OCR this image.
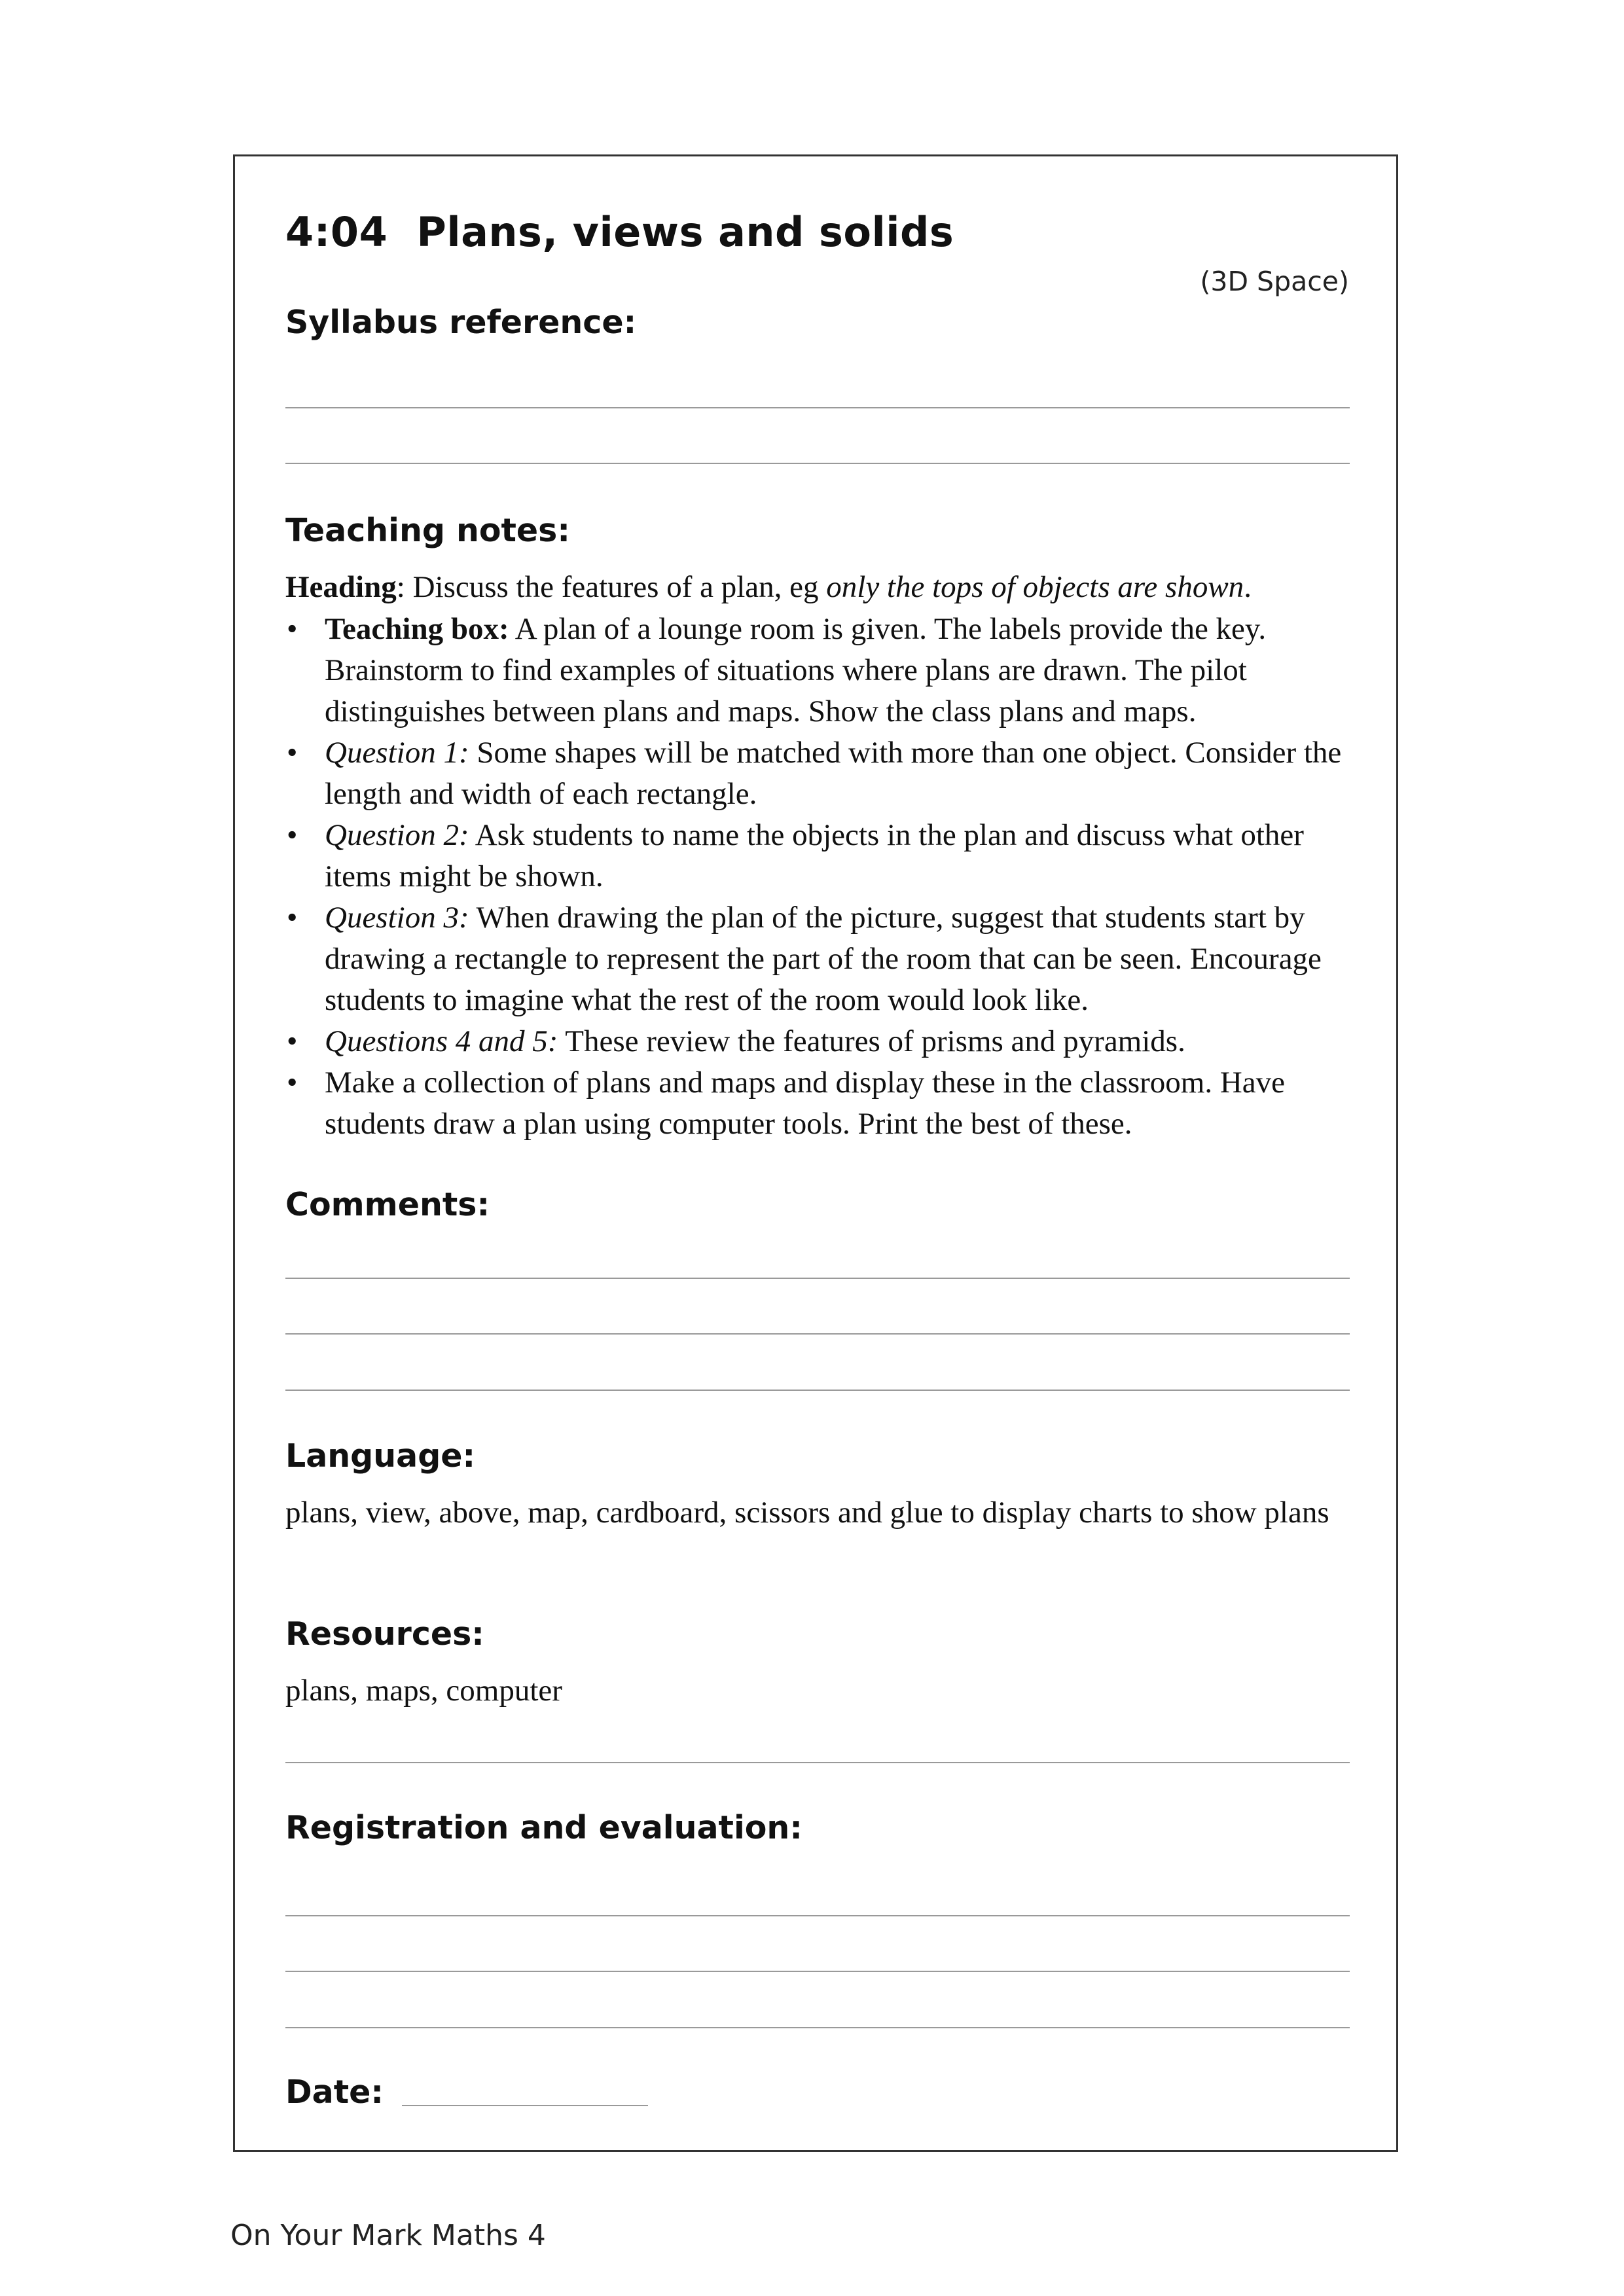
4:04  Plans, views and solids
(3D Space)
Syllabus reference:
Teaching notes:
Heading: Discuss the features of a plan, eg only the tops of objects are shown.
• Teaching box: A plan of a lounge room is given. The labels provide the key. Brainstorm to find examples of situations where plans are drawn. The pilot distinguishes between plans and maps. Show the class plans and maps.
• Question 1: Some shapes will be matched with more than one object. Consider the length and width of each rectangle.
• Question 2: Ask students to name the objects in the plan and discuss what other items might be shown.
• Question 3: When drawing the plan of the picture, suggest that students start by drawing a rectangle to represent the part of the room that can be seen. Encourage students to imagine what the rest of the room would look like.
• Questions 4 and 5: These review the features of prisms and pyramids.
• Make a collection of plans and maps and display these in the classroom. Have students draw a plan using computer tools. Print the best of these.
Comments:
Language:
plans, view, above, map, cardboard, scissors and glue to display charts to show plans
Resources:
plans, maps, computer
Registration and evaluation:
Date:
On Your Mark Maths 4
